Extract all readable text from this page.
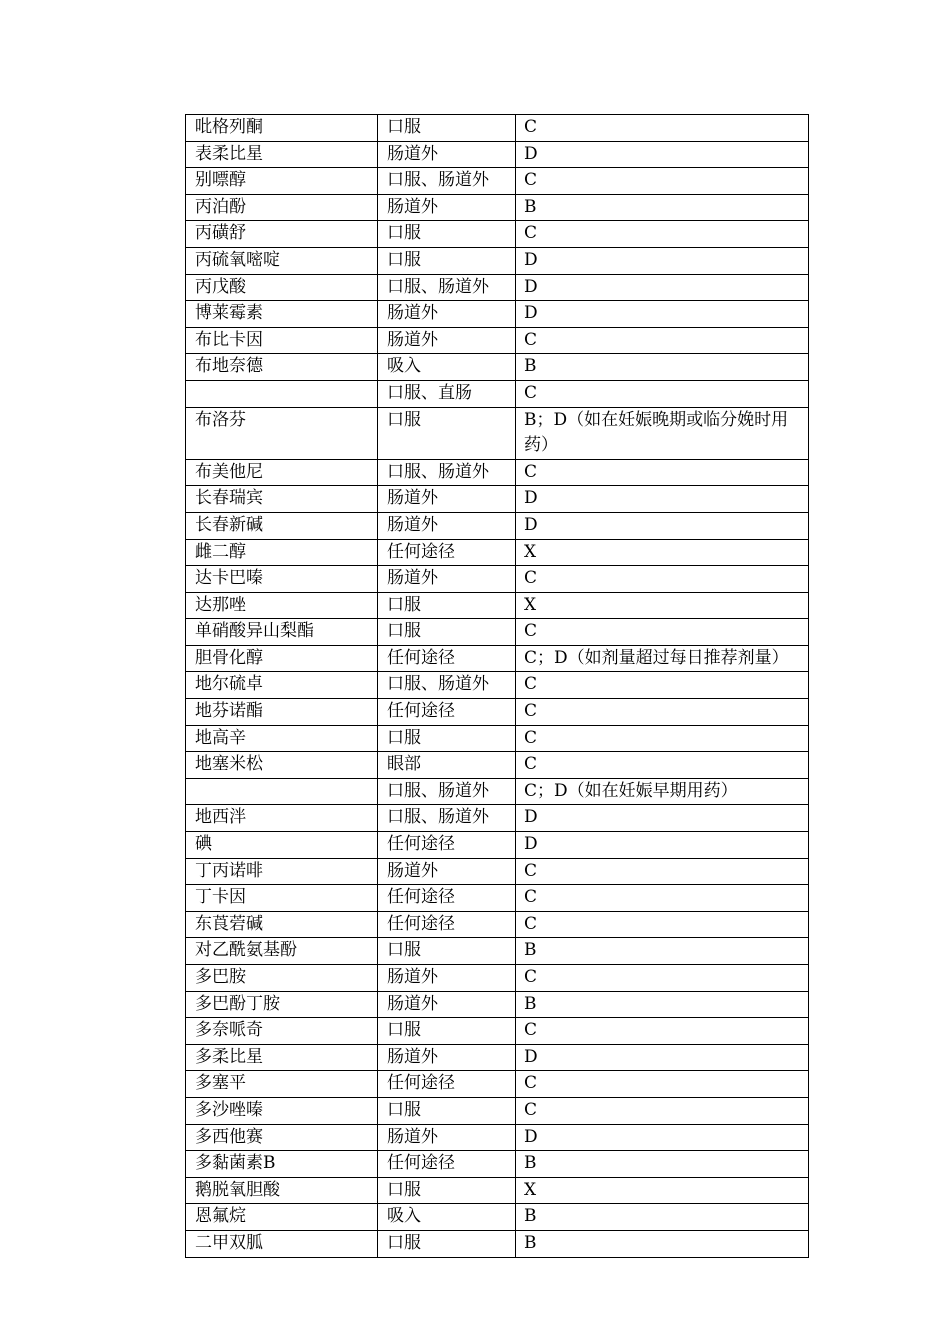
吡格列酮	口服	C
表柔比星	肠道外	D
别嘌醇	口服、肠道外	C
丙泊酚	肠道外	B
丙磺舒	口服	C
丙硫氧嘧啶	口服	D
丙戊酸	口服、肠道外	D
博莱霉素	肠道外	D
布比卡因	肠道外	C
布地奈德	吸入	B
	口服、直肠	C
布洛芬	口服	B；D（如在妊娠晚期或临分娩时用药）
布美他尼	口服、肠道外	C
长春瑞宾	肠道外	D
长春新碱	肠道外	D
雌二醇	任何途径	X
达卡巴嗪	肠道外	C
达那唑	口服	X
单硝酸异山梨酯	口服	C
胆骨化醇	任何途径	C；D（如剂量超过每日推荐剂量）
地尔硫卓	口服、肠道外	C
地芬诺酯	任何途径	C
地高辛	口服	C
地塞米松	眼部	C
	口服、肠道外	C；D（如在妊娠早期用药）
地西泮	口服、肠道外	D
碘	任何途径	D
丁丙诺啡	肠道外	C
丁卡因	任何途径	C
东莨菪碱	任何途径	C
对乙酰氨基酚	口服	B
多巴胺	肠道外	C
多巴酚丁胺	肠道外	B
多奈哌奇	口服	C
多柔比星	肠道外	D
多塞平	任何途径	C
多沙唑嗪	口服	C
多西他赛	肠道外	D
多黏菌素B	任何途径	B
鹅脱氧胆酸	口服	X
恩氟烷	吸入	B
二甲双胍	口服	B
